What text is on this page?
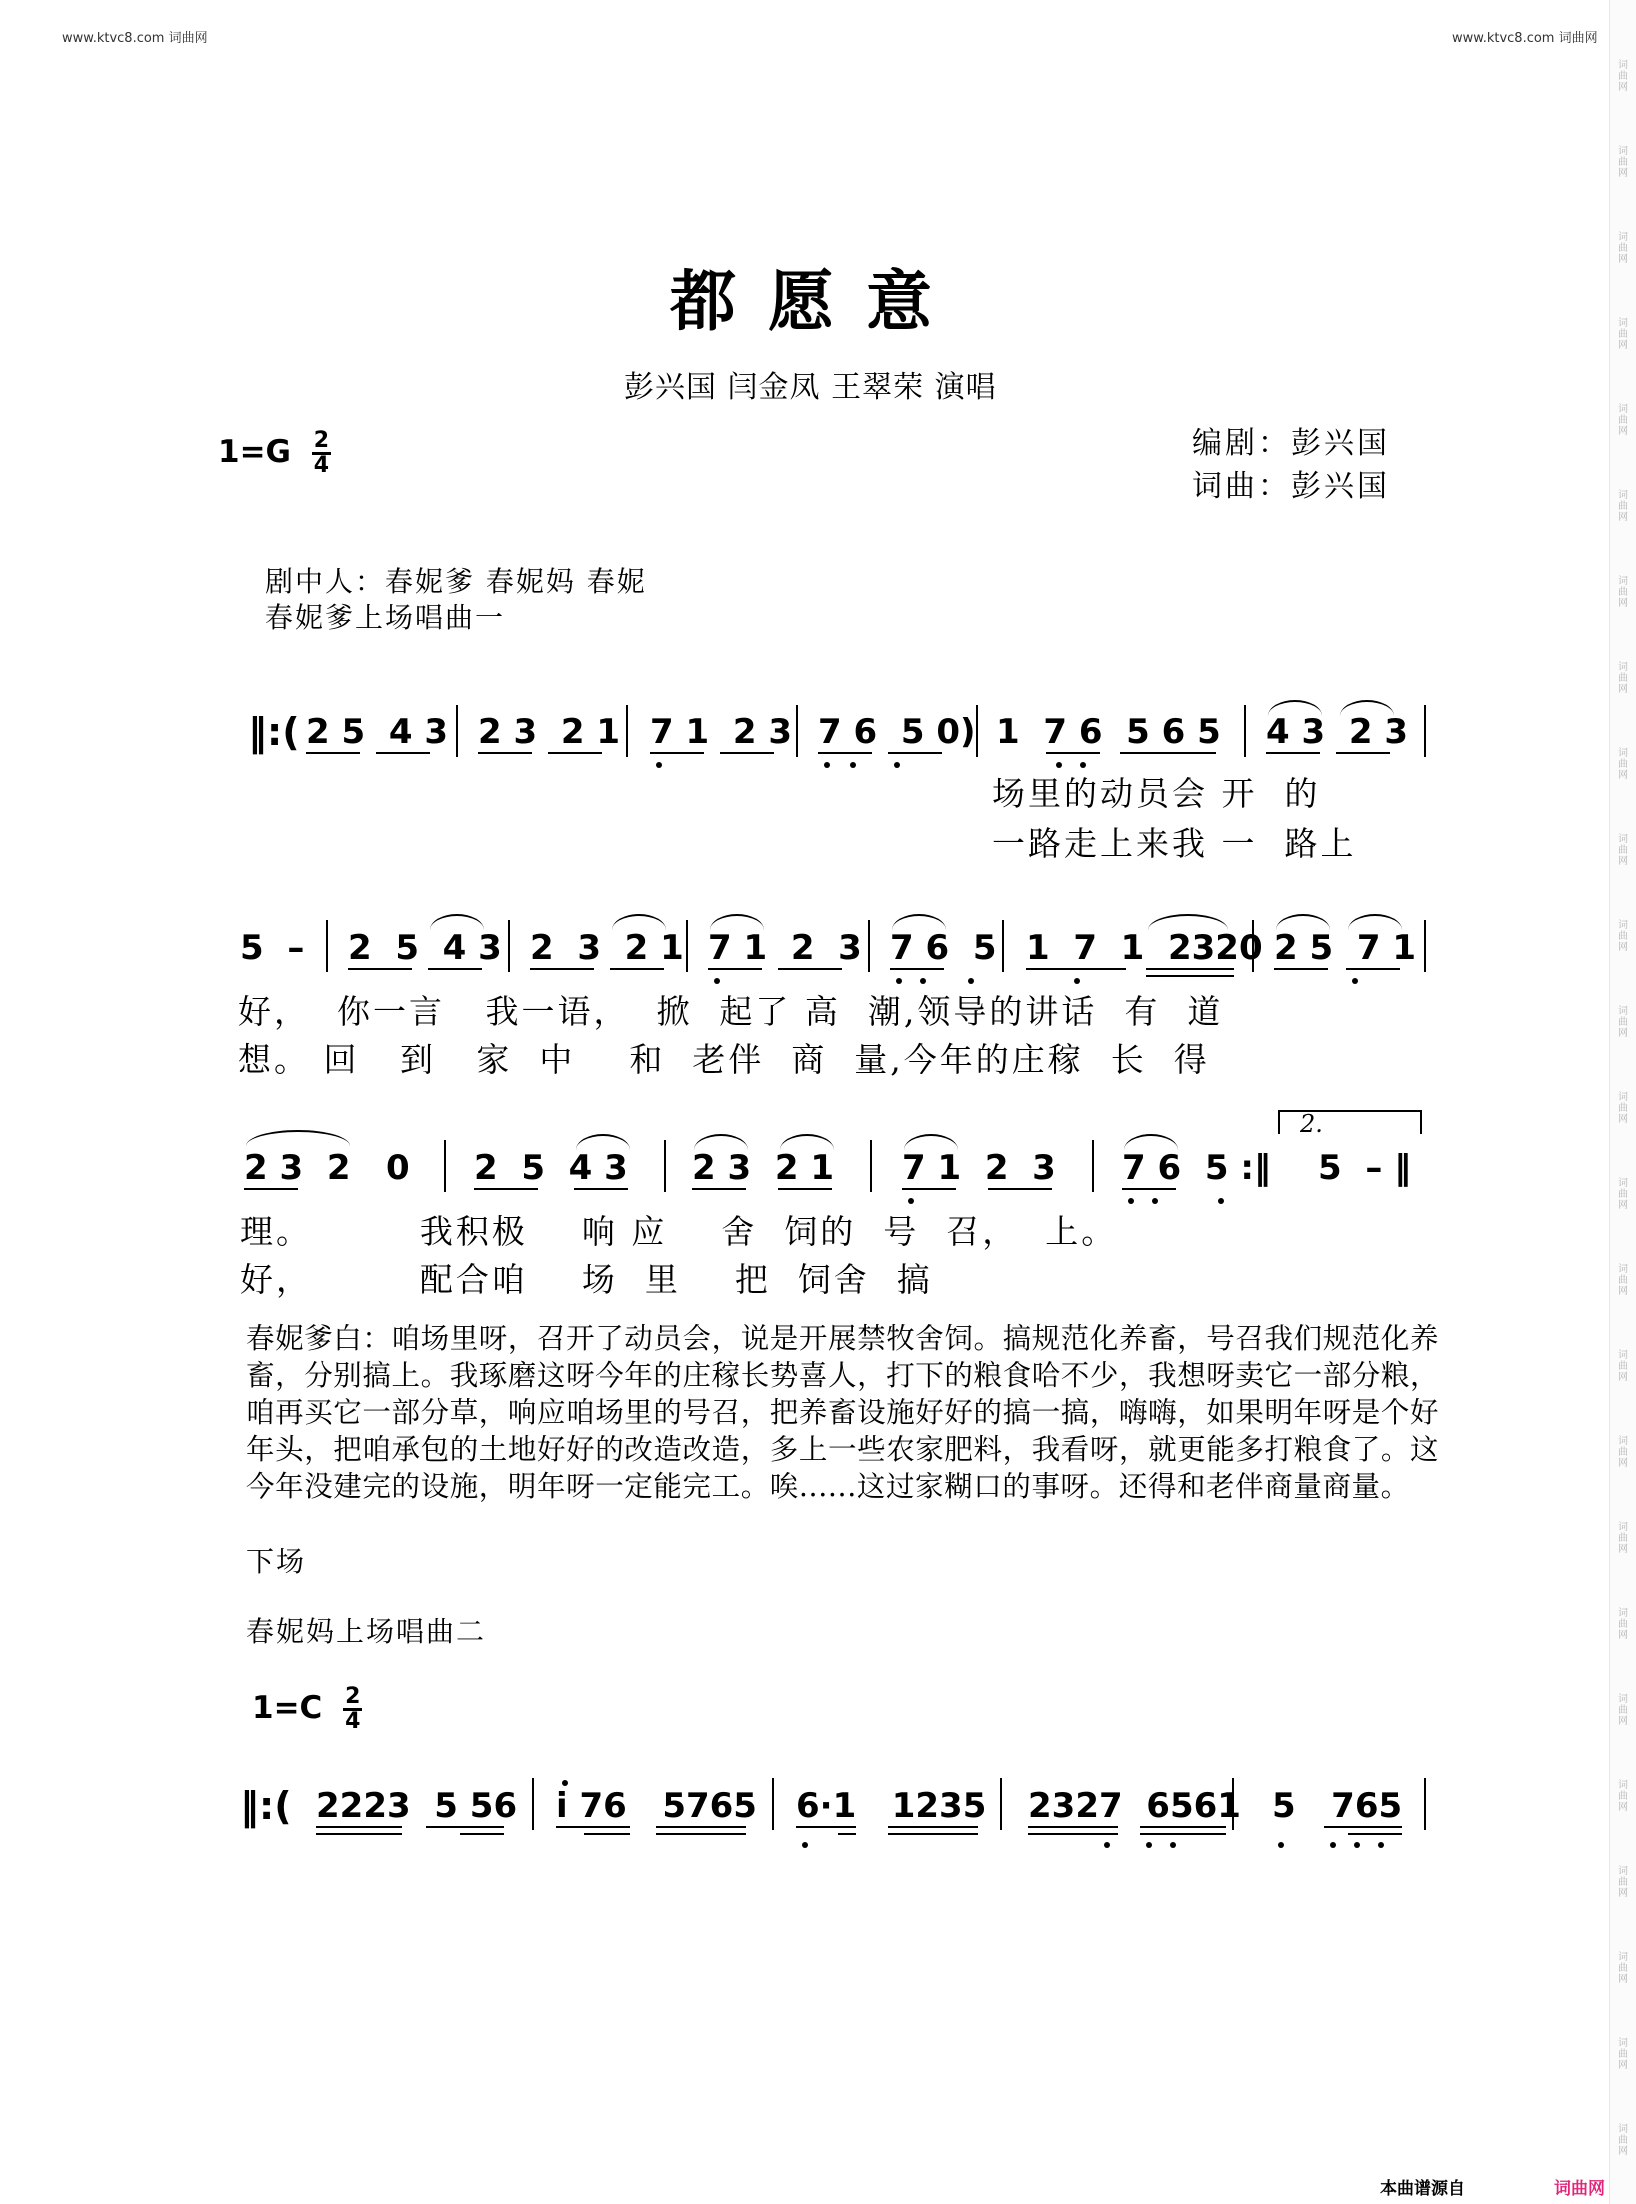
www.ktvc8.com 词曲网	www.ktvc8.com 词曲网
词
曲
网
词
曲
网
词
曲
网
词
曲
网
词
曲
网
词
曲
网
词
曲
网
词
曲
网
词
曲
网
词
曲
网
词
曲
网
词
曲
网
词
曲
网
词
曲
网
词
曲
网
词
曲
网
词
曲
网
词
曲
网
词
曲
网
词
曲
网
词
曲
网
词
曲
网
词
曲
网
词
曲
网
词
曲
网
都愿意
彭兴国 闫金凤 王翠荣 演唱
$1=G \frac{2}{4}$	编剧：彭兴国
词曲：彭兴国
剧中人：春妮爹 春妮妈 春妮
春妮爹上场唱曲一
‖:( 2 5  4 3 2 3  2 1 7 1  2 3 7 6  5 0) 1  7 6  5 6 5 4 3  2 3
场里的动员会 开  的
一路走上来我 一  路上
5  – 2  5  4 3 2  3  2 1 7 1  2  3 7 6  5 1  7  1  2320 2 5  7 1
好，  你一言   我一语，  掀  起了 高  潮,领导的讲话  有  道
想。 回   到   家  中    和  老伴  商  量,今年的庄稼  长  得
2 3  2   0 2  5  4 3 2 3  2 1 7 1  2  3 7 6  5 :‖
2.
5  – ‖
理。        我积极    响 应    舍  饲的  号  召，  上。
好，        配合咱    场  里    把  饲舍  搞
春妮爹白：咱场里呀，召开了动员会，说是开展禁牧舍饲。搞规范化养畜，号召我们规范化养畜，分别搞上。我琢磨这呀今年的庄稼长势喜人，打下的粮食哈不少，我想呀卖它一部分粮，咱再买它一部分草，响应咱场里的号召，把养畜设施好好的搞一搞，嗨嗨，如果明年呀是个好年头，把咱承包的土地好好的改造改造，多上一些农家肥料，我看呀，就更能多打粮食了。这今年没建完的设施，明年呀一定能完工。唉......这过家糊口的事呀。还得和老伴商量商量。
下场
春妮妈上场唱曲二
$1=C \frac{2}{4}$
‖:( 2223  5 56 i 76   5765 6·1   1235 2327  6561 5   765
本曲谱源自	词曲网
